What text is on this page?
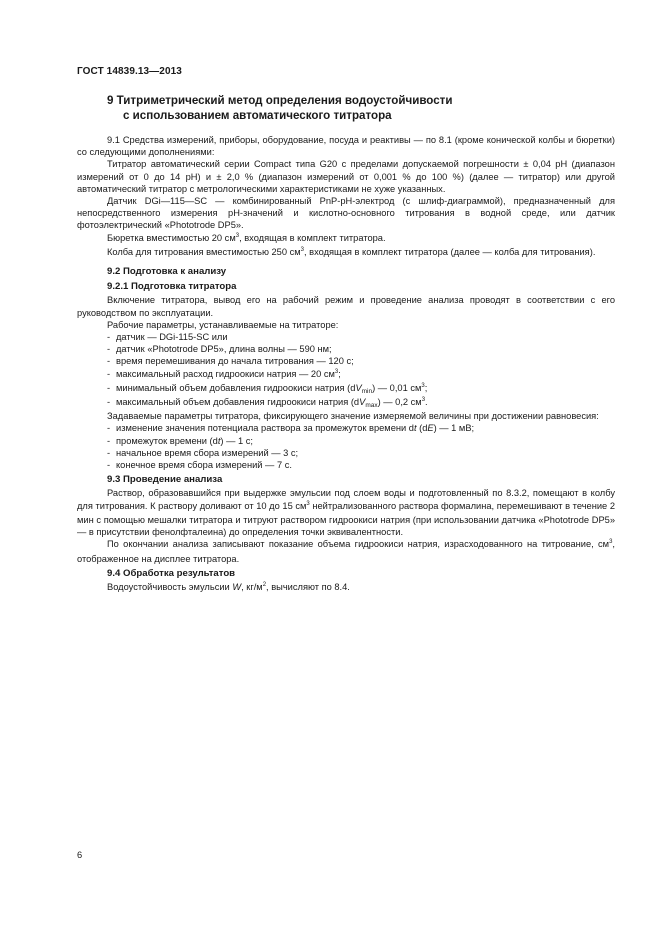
ГОСТ 14839.13—2013
9 Титриметрический метод определения водоустойчивости
с использованием автоматического титратора

9.1 Средства измерений, приборы, оборудование, посуда и реактивы — по 8.1 (кроме конической колбы и бюретки) со следующими дополнениями:

Титратор автоматический серии Compact типа G20 с пределами допускаемой погрешности ± 0,04 pH (диапазон измерений от 0 до 14 pH) и ± 2,0 % (диапазон измерений от 0,001 % до 100 %) (далее — титратор) или другой автоматический титратор с метрологическими характеристиками не хуже указанных.

Датчик DGi—115—SC — комбинированный PnP-pH-электрод (с шлиф-диаграммой), предназначенный для непосредственного измерения pH-значений и кислотно-основного титрования в водной среде, или датчик фотоэлектрический «Phototrode DP5».

Бюретка вместимостью 20 $см^3$, входящая в комплект титратора.

Колба для титрования вместимостью 250 $см^3$, входящая в комплект титратора (далее — колба для титрования).

9.2 Подготовка к анализу
9.2.1 Подготовка титратора

Включение титратора, вывод его на рабочий режим и проведение анализа проводят в соответствии с его руководством по эксплуатации.

Рабочие параметры, устанавливаемые на титраторе:

- датчик — DGi-115-SC или
- датчик «Phototrode DP5», длина волны — 590 нм;
- время перемешивания до начала титрования — 120 с;
- максимальный расход гидроокиси натрия — 20 $см^3$;
- минимальный объем добавления гидроокиси натрия $(dV_{min})$ — 0,01 $см^3$;
- максимальный объем добавления гидроокиси натрия $(dV_{max})$ — 0,2 $см^3$.

Задаваемые параметры титратора, фиксирующего значение измеряемой величины при достижении равновесия:

- изменение значения потенциала раствора за промежуток времени dt (dE) — 1 мВ;
- промежуток времени (dt) — 1 с;
- начальное время сбора измерений — 3 с;
- конечное время сбора измерений — 7 с.
9.3 Проведение анализа

Раствор, образовавшийся при выдержке эмульсии под слоем воды и подготовленный по 8.3.2, помещают в колбу для титрования. К раствору доливают от 10 до 15 $см^3$ нейтрализованного раствора формалина, перемешивают в течение 2 мин с помощью мешалки титратора и титруют раствором гидроокиси натрия (при использовании датчика «Phototrode DP5» — в присутствии фенолфталеина) до определения точки эквивалентности.

По окончании анализа записывают показание объема гидроокиси натрия, израсходованного на титрование, $см^3$, отображенное на дисплее титратора.

9.4 Обработка результатов

Водоустойчивость эмульсии W, $кг/м^2$, вычисляют по 8.4.

6
